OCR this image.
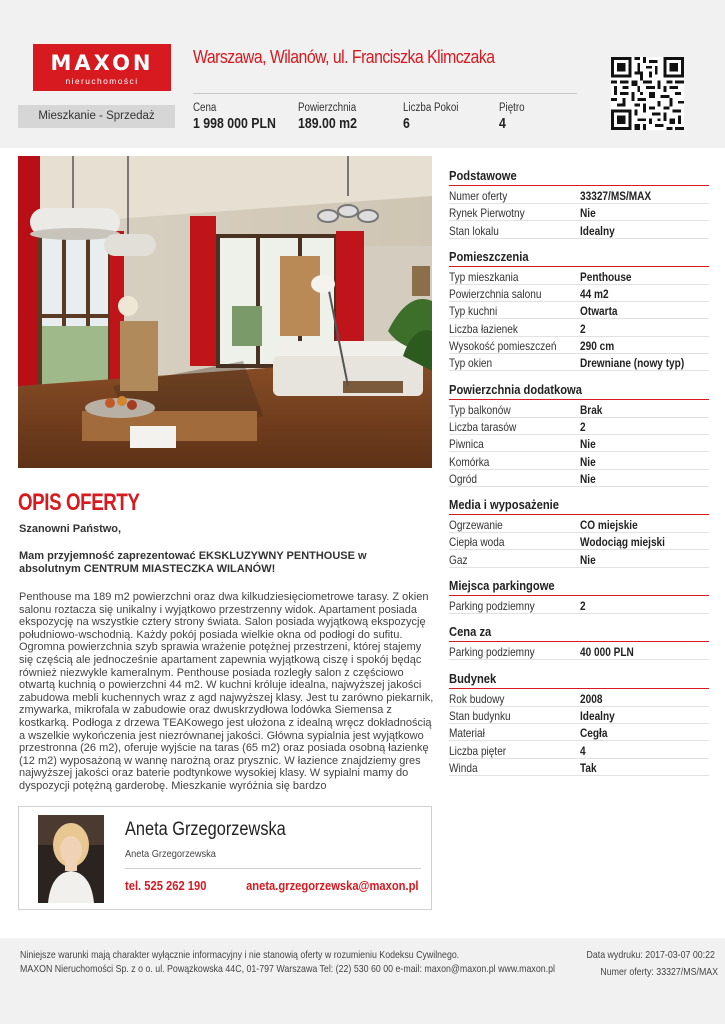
MAXON
nieruchomości
Mieszkanie - Sprzedaż
Warszawa, Wilanów, ul. Franciszka Klimczaka
Cena
1 998 000 PLN
Powierzchnia
189.00 m2
Liczba Pokoi
6
Piętro
4
OPIS OFERTY
Szanowni Państwo,
Mam przyjemność zaprezentować EKSKLUZYWNY PENTHOUSE w absolutnym CENTRUM MIASTECZKA WILANÓW!
Penthouse ma 189 m2 powierzchni oraz dwa kilkudziesięciometrowe tarasy. Z okien salonu roztacza się unikalny i wyjątkowo przestrzenny widok. Apartament posiada ekspozycję na wszystkie cztery strony świata. Salon posiada wyjątkową ekspozycję południowo-wschodnią. Każdy pokój posiada wielkie okna od podłogi do sufitu. Ogromna powierzchnia szyb sprawia wrażenie potężnej przestrzeni, której stajemy się częścią ale jednocześnie apartament zapewnia wyjątkową ciszę i spokój będąc również niezwykle kameralnym. Penthouse posiada rozległy salon z częściowo otwartą kuchnią o powierzchni 44 m2. W kuchni króluje idealna, najwyższej jakości zabudowa mebli kuchennych wraz z agd najwyższej klasy. Jest tu zarówno piekarnik, zmywarka, mikrofala w zabudowie oraz dwuskrzydłowa lodówka Siemensa z kostkarką. Podłoga z drzewa TEAKowego jest ułożona z idealną wręcz dokładnością a wszelkie wykończenia jest niezrównanej jakości. Główna sypialnia jest wyjątkowo przestronna (26 m2), oferuje wyjście na taras (65 m2) oraz posiada osobną łazienkę (12 m2) wyposażoną w wannę narożną oraz prysznic. W łazience znajdziemy gres najwyższej jakości oraz baterie podtynkowe wysokiej klasy. W sypialni mamy do dyspozycji potężną garderobę. Mieszkanie wyróżnia się bardzo
Aneta Grzegorzewska
Aneta Grzegorzewska
tel. 525 262 190	aneta.grzegorzewska@maxon.pl
Podstawowe
Numer oferty	33327/MS/MAX
Rynek Pierwotny	Nie
Stan lokalu	Idealny
Pomieszczenia
Typ mieszkania	Penthouse
Powierzchnia salonu	44 m2
Typ kuchni	Otwarta
Liczba łazienek	2
Wysokość pomieszczeń 290 cm
Typ okien	Drewniane (nowy typ)
Powierzchnia dodatkowa
Typ balkonów	Brak
Liczba tarasów	2
Piwnica	Nie
Komórka	Nie
Ogród	Nie
Media i wyposażenie
Ogrzewanie	CO miejskie
Ciepła woda	Wodociąg miejski
Gaz	Nie
Miejsca parkingowe
Parking podziemny	2
Cena za
Parking podziemny	40 000 PLN
Budynek
Rok budowy	2008
Stan budynku	Idealny
Materiał	Cegła
Liczba pięter	4
Winda	Tak
Niniejsze warunki mają charakter wyłącznie informacyjny i nie stanowią oferty w rozumieniu Kodeksu Cywilnego.
MAXON Nieruchomości Sp. z o o. ul. Powązkowska 44C, 01-797 Warszawa Tel: (22) 530 60 00 e-mail: maxon@maxon.pl www.maxon.pl
Data wydruku: 2017-03-07 00:22
Numer oferty: 33327/MS/MAX
